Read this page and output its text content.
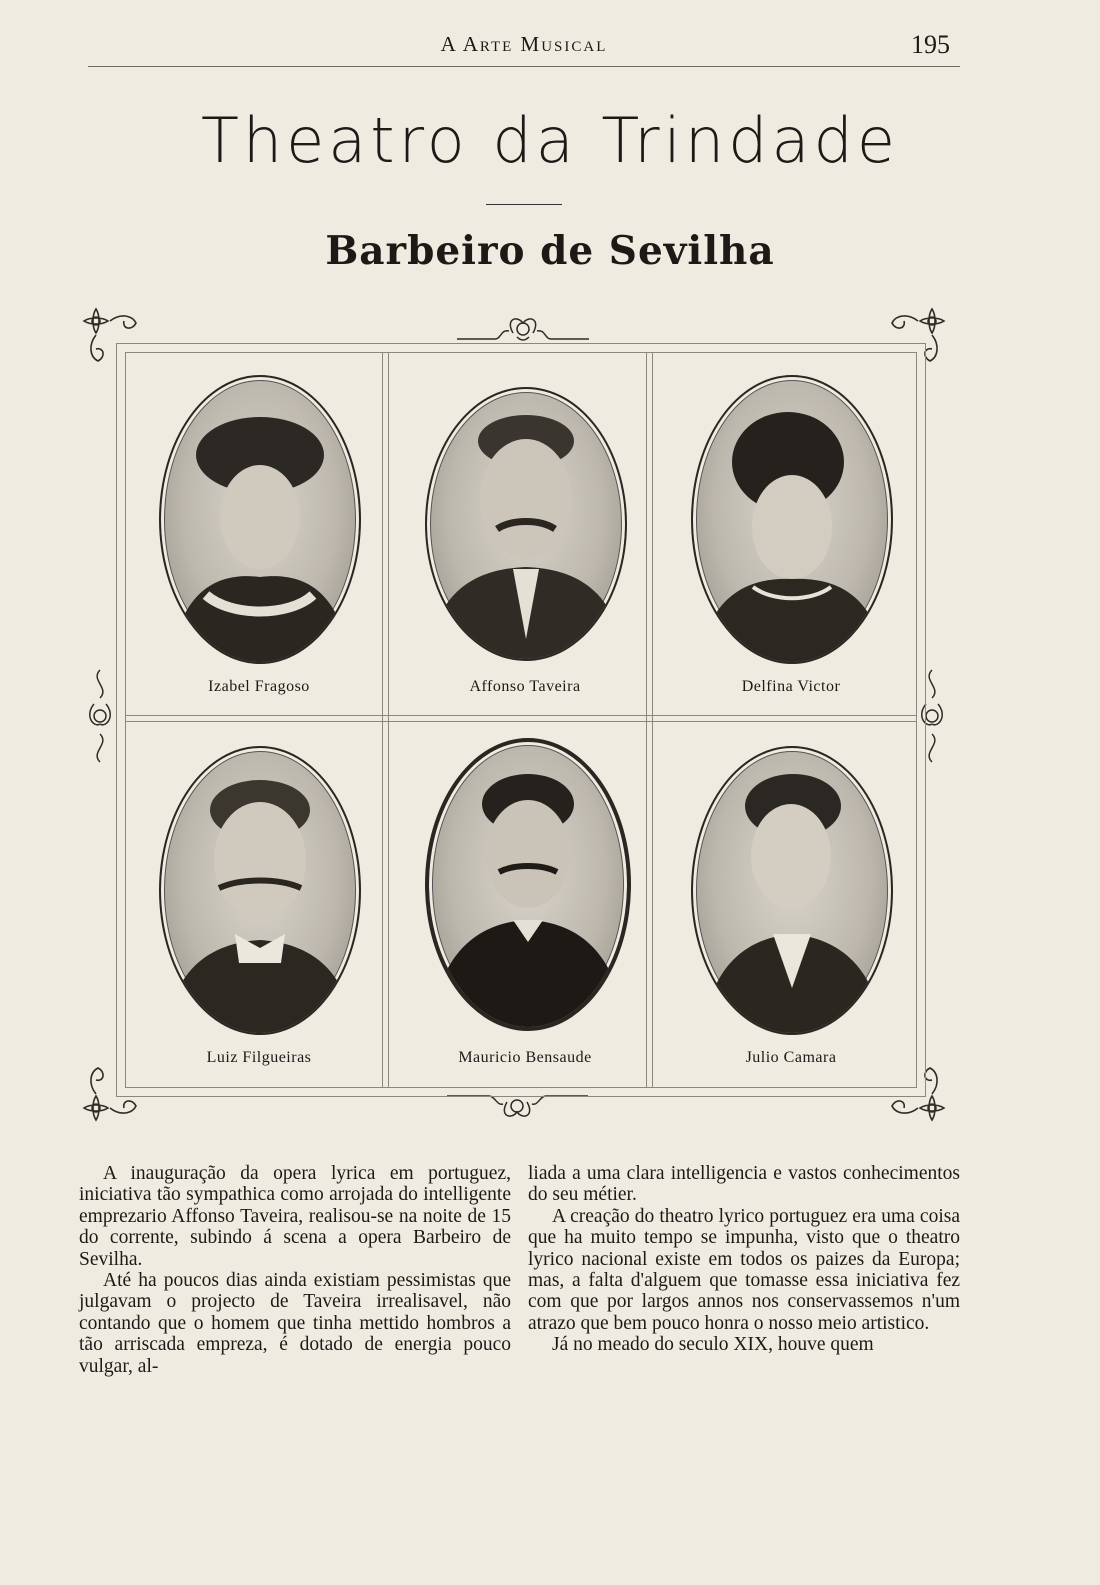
A Arte Musical	195
Theatro da Trindade
Barbeiro de Sevilha
Izabel Fragoso	Affonso Taveira	Delfina Victor
Luiz Filgueiras	Mauricio Bensaude	Julio Camara

A inauguração da opera lyrica em portuguez, iniciativa tão sympathica como arrojada do intelligente emprezario Affonso Taveira, realisou-se na noite de 15 do corrente, subindo á scena a opera Barbeiro de Sevilha.

Até ha poucos dias ainda existiam pessimistas que julgavam o projecto de Taveira irrealisavel, não contando que o homem que tinha mettido hombros a tão arriscada empreza, é dotado de energia pouco vulgar, al-

liada a uma clara intelligencia e vastos conhecimentos do seu métier.

A creação do theatro lyrico portuguez era uma coisa que ha muito tempo se impunha, visto que o theatro lyrico nacional existe em todos os paizes da Europa; mas, a falta d'alguem que tomasse essa iniciativa fez com que por largos annos nos conservassemos n'um atrazo que bem pouco honra o nosso meio artistico.

Já no meado do seculo XIX, houve quem
